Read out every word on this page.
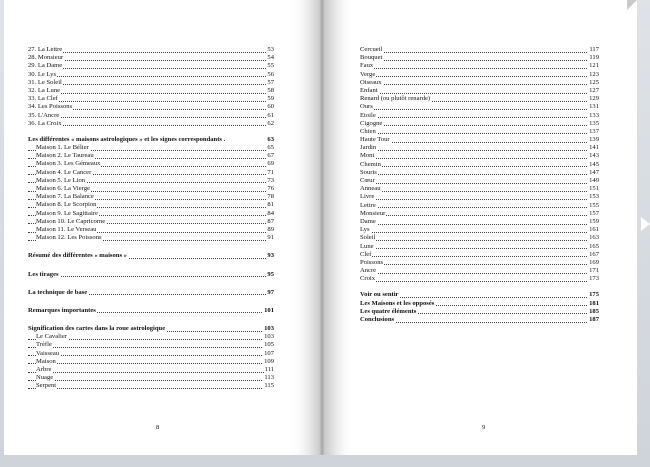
27. La Lettre	53
28. Monsieur	54
29. La Dame	55
30. Le Lys	56
31. Le Soleil	57
32. La Lune	58
33. La Clef	59
34. Les Poissons	60
35. L'Ancre	61
36. La Croix	62
Les différentes « maisons astrologiques » et les signes correspondants .	63
Maison 1. Le Bélier	65
Maison 2. Le Taureau	67
Maison 3. Les Gémeaux	69
Maison 4. Le Cancer	71
Maison 5. Le Lion	73
Maison 6. La Vierge	76
Maison 7. La Balance	78
Maison 8. Le Scorpion	81
Maison 9. Le Sagittaire	84
Maison 10. Le Capricorne	87
Maison 11. Le Verseau	89
Maison 12. Les Poissons	91
Résumé des différentes « maisons »	93
Les tirages	95
La technique de base	97
Remarques importantes	101
Signification des cartes dans la roue astrologique	103
Le Cavalier	103
Trèfle	105
Vaisseau	107
Maison	109
Arbre	111
Nuage	113
Serpent	115
8
Cercueil	117
Bouquet	119
Faux	121
Verge	123
Oiseaux	125
Enfant	127
Renard (ou plutôt renarde)	129
Ours	131
Etoile	133
Cigogne	135
Chien	137
Haute Tour	139
Jardin	141
Mont	143
Chemin	145
Souris	147
Cœur	149
Anneau	151
Livre	153
Lettre	155
Monsieur	157
Dame	159
Lys	161
Soleil	163
Lune	165
Clef	167
Poissons	169
Ancre	171
Croix	173
Voir ou sentir	175
Les Maisons et les opposés	181
Les quatre éléments	185
Conclusions	187
9
